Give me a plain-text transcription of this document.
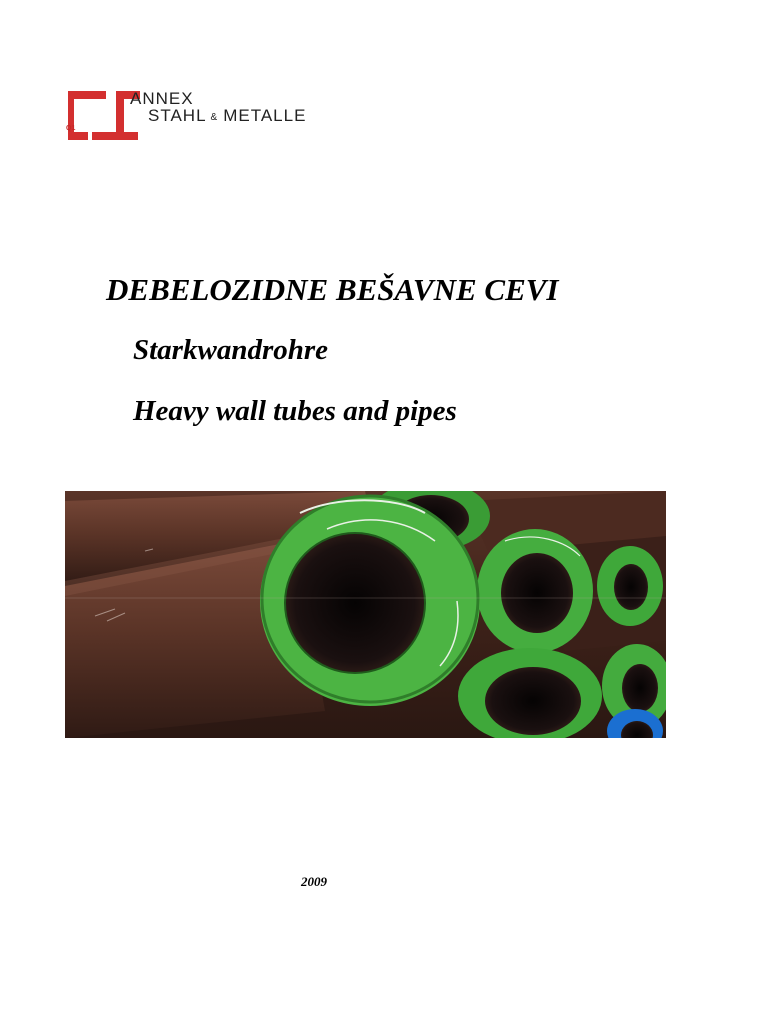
Q1
ANNEX
STAHL & METALLE
DEBELOZIDNE BEŠAVNE CEVI
Starkwandrohre
Heavy wall tubes and pipes
2009
